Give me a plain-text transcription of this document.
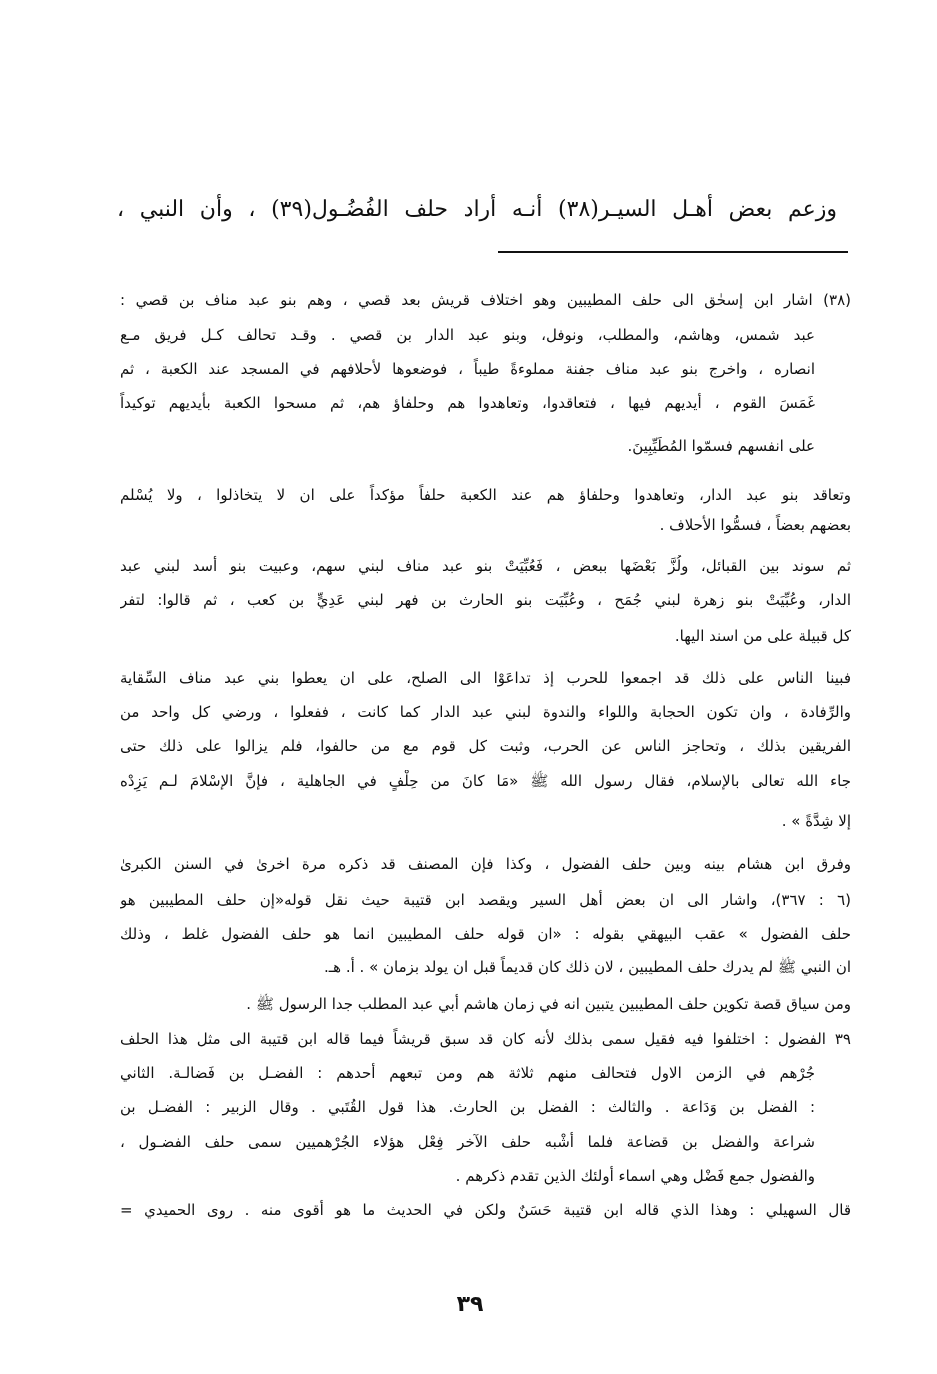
وزعم بعض أهـل السيـر(٣٨) أنـه أراد حلف الفُضُـول(٣٩) ، وأن النبي ،
(٣٨) اشار ابن إسحٰق الى حلف المطيبين وهو اختلاف قريش بعد قصي ، وهم بنو عبد مناف بن قصي :
عبد شمس، وهاشم، والمطلب، ونوفل، وبنو عبد الدار بن قصي . وقـد تحالف كـل فريق مـع
انصاره ، واخرج بنو عبد مناف جفنة مملوءةً طيباً ، فوضعوها لأحلافهم في المسجد عند الكعبة ، ثم
غَمَسَ القوم ، أيديهم فيها ، فتعاقدوا، وتعاهدوا هم وحلفاؤ هم، ثم مسحوا الكعبة بأيديهم توكيداً
على انفسهم فسمّوا المُطَيِّبِينَ.
وتعاقد بنو عبد الدار، وتعاهدوا وحلفاؤ هم عند الكعبة حلفاً مؤكداً على ان لا يتخاذلوا ، ولا يُسْلم
بعضهم بعضاً ، فسمُّوا الأحلاف .
ثم سوند بين القبائل، ولُزَّ بَعْضَها ببعض ، فَعُبِّيَتْ بنو عبد مناف لبني سهم، وعبيت بنو أسد لبني عبد
الدار، وعُبِّيَتْ بنو زهرة لبني جُمَح ، وعُبِّيَت بنو الحارث بن فهر لبني عَدِيٍّ بن كعب ، ثم قالوا: لتفر
كل قبيلة على من اسند اليها.
فبينا الناس على ذلك قد اجمعوا للحرب إذ تداعَوْا الى الصلح، على ان يعطوا بني عبد مناف السِّقاية
والرِّفادة ، وان تكون الحجابة واللواء والندوة لبني عبد الدار كما كانت ، ففعلوا ، ورضي كل واحد من
الفريقين بذلك ، وتحاجز الناس عن الحرب، وثبت كل قوم مع من حالفوا، فلم يزالوا على ذلك حتى
جاء الله تعالى بالإسلام، فقال رسول الله ﷺ «مَا كانَ من حِلْفٍ في الجاهلية ، فإنَّ الإسْلامَ لـم يَزِدْه
إلا شِدَّةً » .
وفرق ابن هشام بينه وبين حلف الفضول ، وكذا فإن المصنف قد ذكره مرة اخرىٰ في السنن الكبرىٰ
(٦ : ٣٦٧)، واشار الى ان بعض أهل السير ويقصد ابن قتيبة حيث نقل قوله«إن حلف المطيبين هو
حلف الفضول » عقب البيهقي بقوله : «ان قوله حلف المطيبين انما هو حلف الفضول غلط ، وذلك
ان النبي ﷺ لم يدرك حلف المطيبين ، لان ذلك كان قديماً قبل ان يولد بزمان » . أ. هـ.
ومن سياق قصة تكوين حلف المطيبين يتبين انه في زمان هاشم أبي عبد المطلب جدا الرسول ﷺ .
٣٩ الفضول : اختلفوا فيه فقيل سمى بذلك لأنه كان قد سبق قريشاً فيما قاله ابن قتيبة الى مثل هذا الحلف
جُرْهم في الزمن الاول فتحالف منهم ثلاثة هم ومن تبعهم أحدهم : الفضـل بن فَضالـة. الثاني
: الفضل بن وَدَاعة . والثالث : الفضل بن الحارث. هذا قول القُتَبي . وقال الزبير : الفضـل بن
شراعة والفضل بن قضاعة فلما أشْبه حلف الآخر فِعْل هؤلاء الجُرْهميين سمى حلف الفضـول ،
والفضول جمع فَضْل وهي اسماء أولئك الذين تقدم ذكرهم .
قال السهيلي : وهذا الذي قاله ابن قتيبة حَسَنٌ ولكن في الحديث ما هو أقوى منه . روى الحميدي =
٣٩
